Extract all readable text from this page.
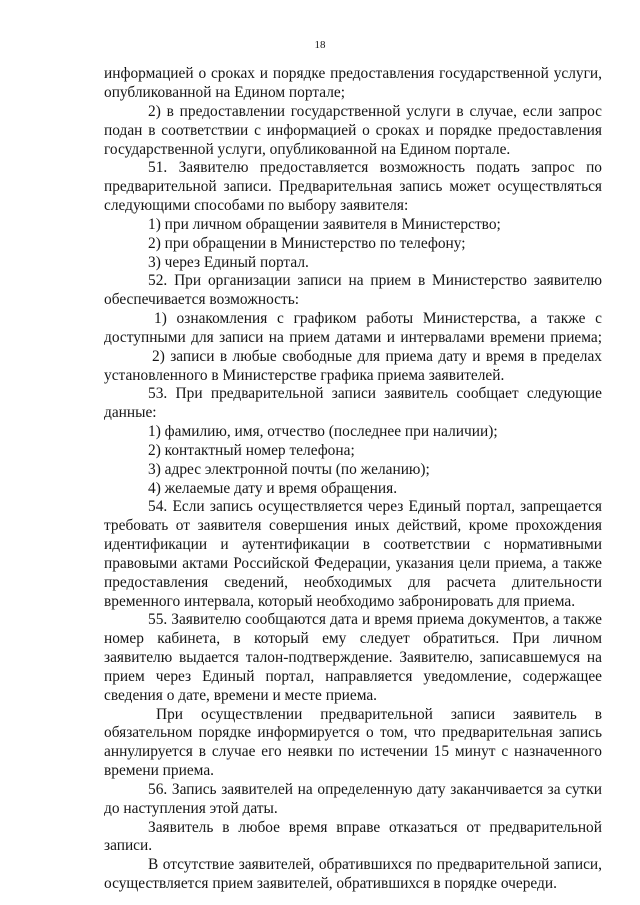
18
информацией о сроках и порядке предоставления государственной услуги,
опубликованной на Едином портале;
2) в предоставлении государственной услуги в случае, если запрос
подан в соответствии с информацией о сроках и порядке предоставления
государственной услуги, опубликованной на Едином портале.
51. Заявителю предоставляется возможность подать запрос по
предварительной записи. Предварительная запись может осуществляться
следующими способами по выбору заявителя:
1) при личном обращении заявителя в Министерство;
2) при обращении в Министерство по телефону;
3) через Единый портал.
52. При организации записи на прием в Министерство заявителю
обеспечивается возможность:
1) ознакомления с графиком работы Министерства, а также с
доступными для записи на прием датами и интервалами времени приема;
2) записи в любые свободные для приема дату и время в пределах
установленного в Министерстве графика приема заявителей.
53. При предварительной записи заявитель сообщает следующие
данные:
1) фамилию, имя, отчество (последнее при наличии);
2) контактный номер телефона;
3) адрес электронной почты (по желанию);
4) желаемые дату и время обращения.
54. Если запись осуществляется через Единый портал, запрещается
требовать от заявителя совершения иных действий, кроме прохождения
идентификации и аутентификации в соответствии с нормативными
правовыми актами Российской Федерации, указания цели приема, а также
предоставления сведений, необходимых для расчета длительности
временного интервала, который необходимо забронировать для приема.
55. Заявителю сообщаются дата и время приема документов, а также
номер кабинета, в который ему следует обратиться. При личном
заявителю выдается талон-подтверждение. Заявителю, записавшемуся на
прием через Единый портал, направляется уведомление, содержащее
сведения о дате, времени и месте приема.
При осуществлении предварительной записи заявитель в
обязательном порядке информируется о том, что предварительная запись
аннулируется в случае его неявки по истечении 15 минут с назначенного
времени приема.
56. Запись заявителей на определенную дату заканчивается за сутки
до наступления этой даты.
Заявитель в любое время вправе отказаться от предварительной
записи.
В отсутствие заявителей, обратившихся по предварительной записи,
осуществляется прием заявителей, обратившихся в порядке очереди.
